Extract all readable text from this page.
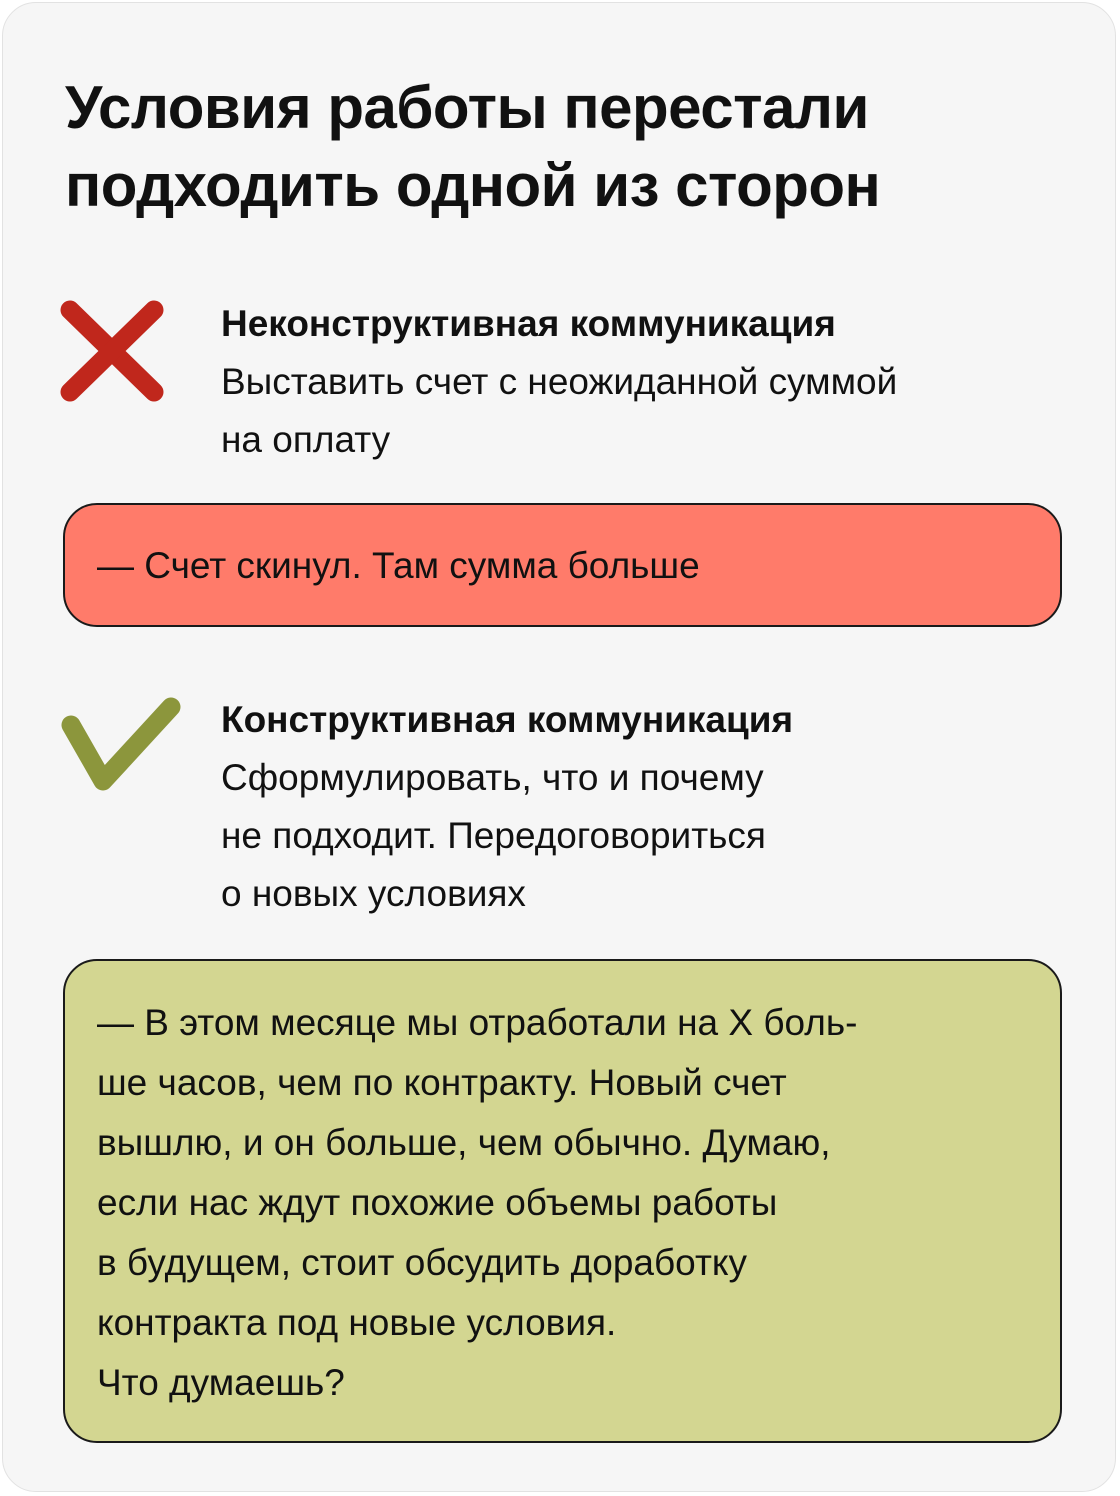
Условия работы перестали
подходить одной из сторон
Неконструктивная коммуникация
Выставить счет с неожиданной суммой
на оплату
— Счет скинул. Там сумма больше
Конструктивная коммуникация
Сформулировать, что и почему
не подходит. Передоговориться
о новых условиях
— В этом месяце мы отработали на Х боль-
ше часов, чем по контракту. Новый счет
вышлю, и он больше, чем обычно. Думаю,
если нас ждут похожие объемы работы
в будущем, стоит обсудить доработку
контракта под новые условия.
Что думаешь?
